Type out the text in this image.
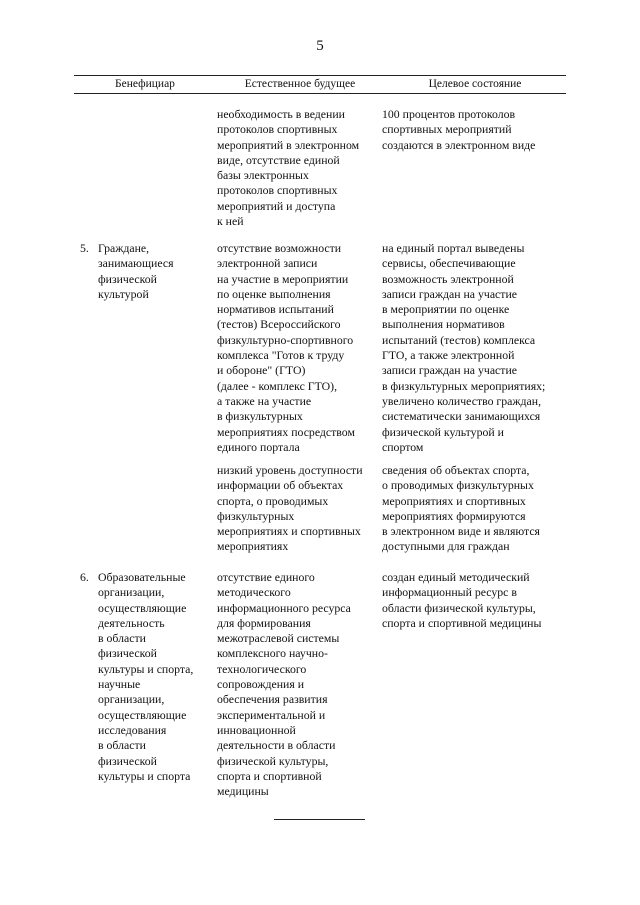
5
Бенефициар	Естественное будущее	Целевое состояние
необходимость в ведении
протоколов спортивных
мероприятий в электронном
виде, отсутствие единой
базы электронных
протоколов спортивных
мероприятий и доступа
к ней
100 процентов протоколов
спортивных мероприятий
создаются в электронном виде
5. Граждане,
занимающиеся
физической
культурой
отсутствие возможности
электронной записи
на участие в мероприятии
по оценке выполнения
нормативов испытаний
(тестов) Всероссийского
физкультурно-спортивного
комплекса "Готов к труду
и обороне" (ГТО)
(далее - комплекс ГТО),
а также на участие
в физкультурных
мероприятиях посредством
единого портала
на единый портал выведены
сервисы, обеспечивающие
возможность электронной
записи граждан на участие
в мероприятии по оценке
выполнения нормативов
испытаний (тестов) комплекса
ГТО, а также электронной
записи граждан на участие
в физкультурных мероприятиях;
увеличено количество граждан,
систематически занимающихся
физической культурой и
спортом
низкий уровень доступности
информации об объектах
спорта, о проводимых
физкультурных
мероприятиях и спортивных
мероприятиях
сведения об объектах спорта,
о проводимых физкультурных
мероприятиях и спортивных
мероприятиях формируются
в электронном виде и являются
доступными для граждан
6. Образовательные
организации,
осуществляющие
деятельность
в области
физической
культуры и спорта,
научные
организации,
осуществляющие
исследования
в области
физической
культуры и спорта
отсутствие единого
методического
информационного ресурса
для формирования
межотраслевой системы
комплексного научно-
технологического
сопровождения и
обеспечения развития
экспериментальной и
инновационной
деятельности в области
физической культуры,
спорта и спортивной
медицины
создан единый методический
информационный ресурс в
области физической культуры,
спорта и спортивной медицины
